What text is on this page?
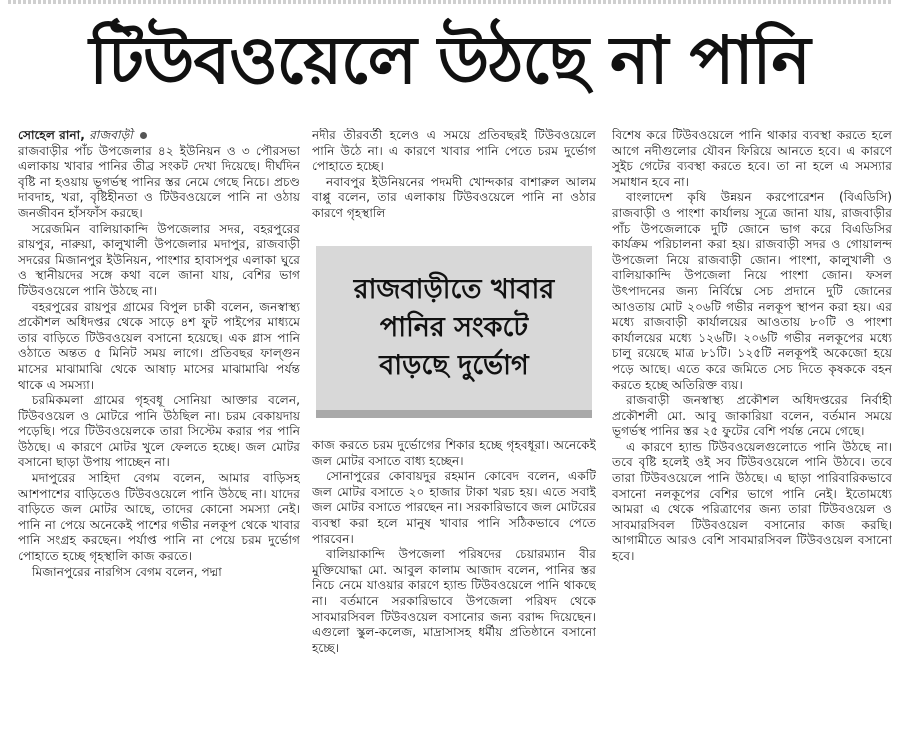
টিউবওয়েলে উঠছে না পানি

সোহেল রানা, রাজবাড়ী

রাজবাড়ীর পাঁচ উপজেলার ৪২ ইউনিয়ন ও ৩ পৌরসভা এলাকায় খাবার পানির তীব্র সংকট দেখা দিয়েছে। দীর্ঘদিন বৃষ্টি না হওয়ায় ভূগর্ভস্থ পানির স্তর নেমে গেছে নিচে। প্রচণ্ড দাবদাহ, খরা, বৃষ্টিহীনতা ও টিউবওয়েলে পানি না ওঠায় জনজীবন হাঁসফাঁস করছে।

সরেজমিন বালিয়াকান্দি উপজেলার সদর, বহরপুরের রায়পুর, নারুয়া, কালুখালী উপজেলার মদাপুর, রাজবাড়ী সদরের মিজানপুর ইউনিয়ন, পাংশার হাবাসপুর এলাকা ঘুরে ও স্থানীয়দের সঙ্গে কথা বলে জানা যায়, বেশির ভাগ টিউবওয়েলে পানি উঠছে না।

বহরপুরের রায়পুর গ্রামের বিপুল চাকী বলেন, জনস্বাস্থ্য প্রকৌশল অধিদপ্তর থেকে সাড়ে ৪শ ফুট পাইপের মাধ্যমে তার বাড়িতে টিউবওয়েল বসানো হয়েছে। এক গ্লাস পানি ওঠাতে অন্তত ৫ মিনিট সময় লাগে। প্রতিবছর ফাল্গুন মাসের মাঝামাঝি থেকে আষাঢ় মাসের মাঝামাঝি পর্যন্ত থাকে এ সমস্যা।

চরমিকমলা গ্রামের গৃহবধূ সোনিয়া আক্তার বলেন, টিউবওয়েল ও মোটরে পানি উঠছিল না। চরম বেকায়দায় পড়েছি। পরে টিউবওয়েলকে তারা সিস্টেম করার পর পানি উঠছে। এ কারণে মোটর খুলে ফেলতে হচ্ছে। জল মোটর বসানো ছাড়া উপায় পাচ্ছেন না।

মদাপুরের সাহিদা বেগম বলেন, আমার বাড়িসহ আশপাশের বাড়িতেও টিউবওয়েলে পানি উঠছে না। যাদের বাড়িতে জল মোটর আছে, তাদের কোনো সমস্যা নেই। পানি না পেয়ে অনেকেই পাশের গভীর নলকূপ থেকে খাবার পানি সংগ্রহ করছেন। পর্যাপ্ত পানি না পেয়ে চরম দুর্ভোগ পোহাতে হচ্ছে গৃহস্থালি কাজ করতে।

মিজানপুরের নারগিস বেগম বলেন, পদ্মা

নদীর তীরবর্তী হলেও এ সময়ে প্রতিবছরই টিউবওয়েলে পানি উঠে না। এ কারণে খাবার পানি পেতে চরম দুর্ভোগ পোহাতে হচ্ছে।

নবাবপুর ইউনিয়নের পদমদী খোন্দকার বাশারুল আলম বাপ্পু বলেন, তার এলাকায় টিউবওয়েলে পানি না ওঠার কারণে গৃহস্থালি

রাজবাড়ীতে খাবার
পানির সংকটে
বাড়ছে দুর্ভোগ

কাজ করতে চরম দুর্ভোগের শিকার হচ্ছে গৃহবধূরা। অনেকেই জল মোটর বসাতে বাধ্য হচ্ছেন।

সোনাপুরের কোবায়দুর রহমান কোবেদ বলেন, একটি জল মোটর বসাতে ২০ হাজার টাকা খরচ হয়। এতে সবাই জল মোটর বসাতে পারছেন না। সরকারিভাবে জল মোটরের ব্যবস্থা করা হলে মানুষ খাবার পানি সঠিকভাবে পেতে পারবেন।

বালিয়াকান্দি উপজেলা পরিষদের চেয়ারম্যান বীর মুক্তিযোদ্ধা মো. আবুল কালাম আজাদ বলেন, পানির স্তর নিচে নেমে যাওয়ার কারণে হ্যান্ড টিউবওয়েলে পানি থাকছে না। বর্তমানে সরকারিভাবে উপজেলা পরিষদ থেকে সাবমারসিবল টিউবওয়েল বসানোর জন্য বরাদ্দ দিয়েছেন। এগুলো স্কুল-কলেজ, মাদ্রাসাসহ ধর্মীয় প্রতিষ্ঠানে বসানো হচ্ছে।

বিশেষ করে টিউবওয়েলে পানি থাকার ব্যবস্থা করতে হলে আগে নদীগুলোর যৌবন ফিরিয়ে আনতে হবে। এ কারণে সুইচ গেটের ব্যবস্থা করতে হবে। তা না হলে এ সমস্যার সমাধান হবে না।

বাংলাদেশ কৃষি উন্নয়ন করপোরেশন (বিএডিসি) রাজবাড়ী ও পাংশা কার্যালয় সূত্রে জানা যায়, রাজবাড়ীর পাঁচ উপজেলাকে দুটি জোনে ভাগ করে বিএডিসির কার্যক্রম পরিচালনা করা হয়। রাজবাড়ী সদর ও গোয়ালন্দ উপজেলা নিয়ে রাজবাড়ী জোন। পাংশা, কালুখালী ও বালিয়াকান্দি উপজেলা নিয়ে পাংশা জোন। ফসল উৎপাদনের জন্য নির্বিঘ্নে সেচ প্রদানে দুটি জোনের আওতায় মোট ২০৬টি গভীর নলকূপ স্থাপন করা হয়। এর মধ্যে রাজবাড়ী কার্যালয়ের আওতায় ৮০টি ও পাংশা কার্যালয়ের মধ্যে ১২৬টি। ২০৬টি গভীর নলকূপের মধ্যে চালু রয়েছে মাত্র ৮১টি। ১২৫টি নলকূপই অকেজো হয়ে পড়ে আছে। এতে করে জমিতে সেচ দিতে কৃষককে বহন করতে হচ্ছে অতিরিক্ত ব্যয়।

রাজবাড়ী জনস্বাস্থ্য প্রকৌশল অধিদপ্তরের নির্বাহী প্রকৌশলী মো. আবু জাকারিয়া বলেন, বর্তমান সময়ে ভূগর্ভস্থ পানির স্তর ২৫ ফুটের বেশি পর্যন্ত নেমে গেছে।

এ কারণে হ্যান্ড টিউবওয়েলগুলোতে পানি উঠছে না। তবে বৃষ্টি হলেই ওই সব টিউবওয়েলে পানি উঠবে। তবে তারা টিউবওয়েলে পানি উঠছে। এ ছাড়া পারিবারিকভাবে বসানো নলকূপের বেশির ভাগে পানি নেই। ইতোমধ্যে আমরা এ থেকে পরিত্রাণের জন্য তারা টিউবওয়েল ও সাবমারসিবল টিউবওয়েল বসানোর কাজ করছি। আগামীতে আরও বেশি সাবমারসিবল টিউবওয়েল বসানো হবে।
